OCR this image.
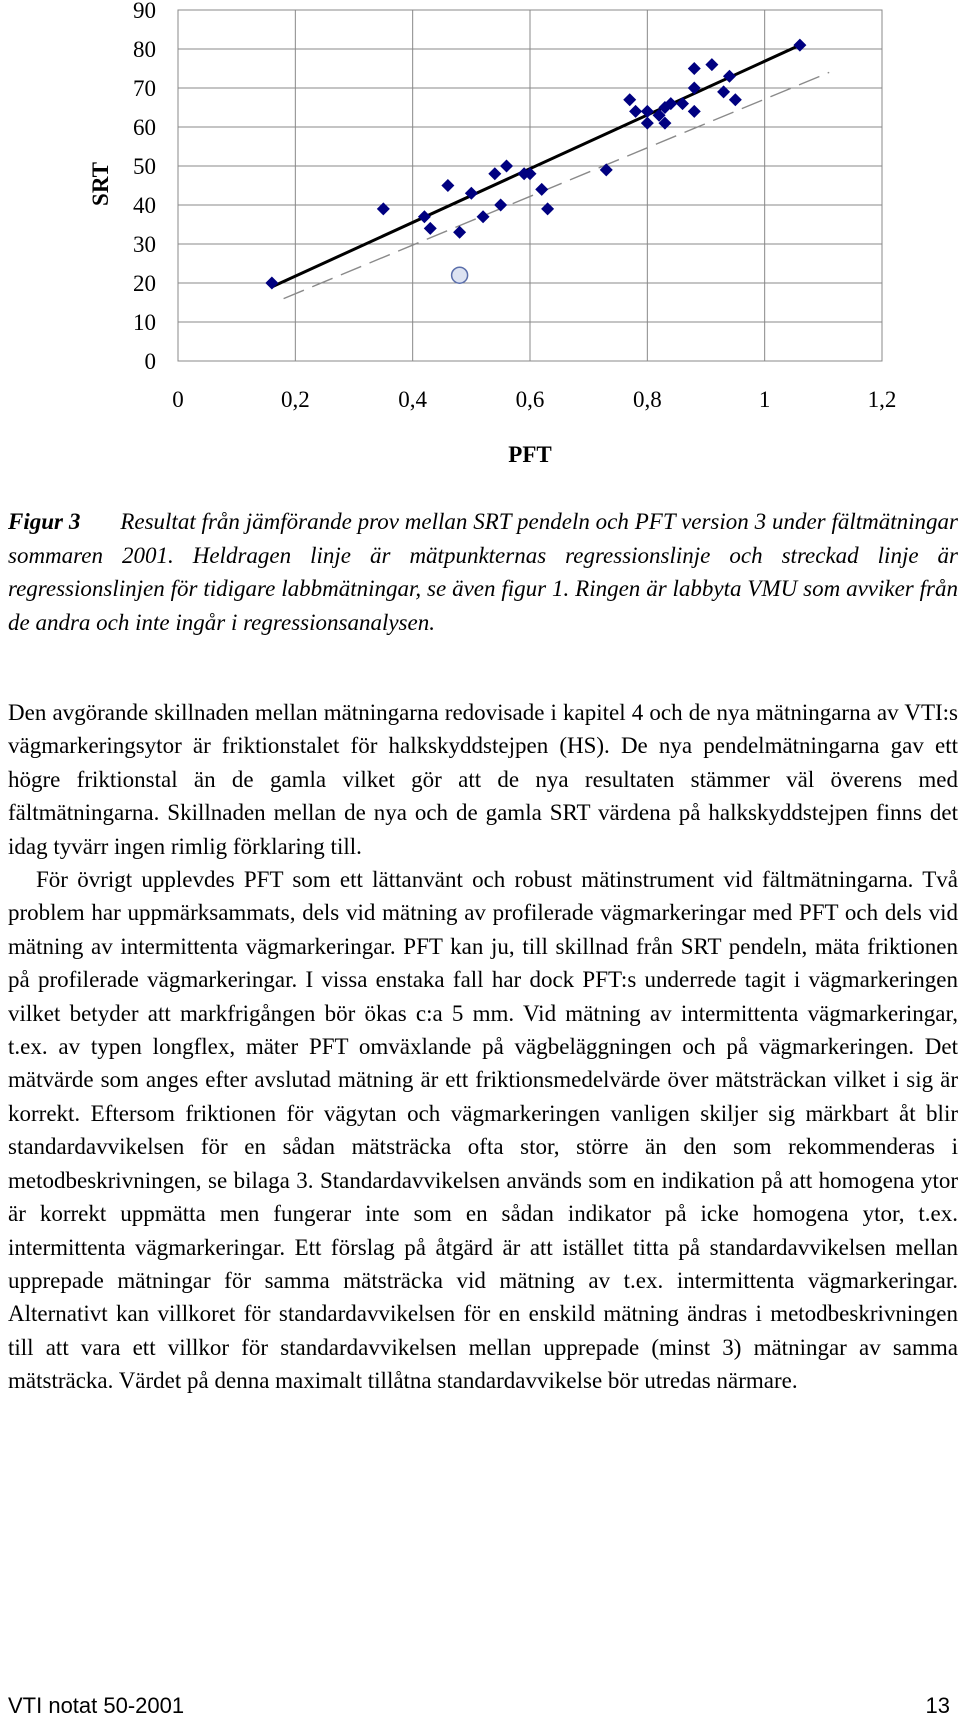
0
10
20
30
40
50
60
70
80
90
0	0,2	0,4	0,6	0,8	1	1,2
SRT
PFT

Figur 3 Resultat från jämförande prov mellan SRT pendeln och PFT version 3 under fältmätningar sommaren 2001. Heldragen linje är mätpunkternas regressionslinje och streckad linje är regressionslinjen för tidigare labbmätningar, se även figur 1. Ringen är labbyta VMU som avviker från de andra och inte ingår i regressionsanalysen.

Den avgörande skillnaden mellan mätningarna redovisade i kapitel 4 och de nya mätningarna av VTI:s vägmarkeringsytor är friktionstalet för halkskyddstejpen (HS). De nya pendelmätningarna gav ett högre friktionstal än de gamla vilket gör att de nya resultaten stämmer väl överens med fältmätningarna. Skillnaden mellan de nya och de gamla SRT värdena på halkskyddstejpen finns det idag tyvärr ingen rimlig förklaring till.

För övrigt upplevdes PFT som ett lättanvänt och robust mätinstrument vid fältmätningarna. Två problem har uppmärksammats, dels vid mätning av profilerade vägmarkeringar med PFT och dels vid mätning av intermittenta vägmarkeringar. PFT kan ju, till skillnad från SRT pendeln, mäta friktionen på profilerade vägmarkeringar. I vissa enstaka fall har dock PFT:s underrede tagit i vägmarkeringen vilket betyder att markfrigången bör ökas c:a 5 mm. Vid mätning av intermittenta vägmarkeringar, t.ex. av typen longflex, mäter PFT omväxlande på vägbeläggningen och på vägmarkeringen. Det mätvärde som anges efter avslutad mätning är ett friktionsmedelvärde över mätsträckan vilket i sig är korrekt. Eftersom friktionen för vägytan och vägmarkeringen vanligen skiljer sig märkbart åt blir standardavvikelsen för en sådan mätsträcka ofta stor, större än den som rekommenderas i metodbeskrivningen, se bilaga 3. Standardavvikelsen används som en indikation på att homogena ytor är korrekt uppmätta men fungerar inte som en sådan indikator på icke homogena ytor, t.ex. intermittenta vägmarkeringar. Ett förslag på åtgärd är att istället titta på standardavvikelsen mellan upprepade mätningar för samma mätsträcka vid mätning av t.ex. intermittenta vägmarkeringar. Alternativt kan villkoret för standardavvikelsen för en enskild mätning ändras i metodbeskrivningen till att vara ett villkor för standardavvikelsen mellan upprepade (minst 3) mätningar av samma mätsträcka. Värdet på denna maximalt tillåtna standardavvikelse bör utredas närmare.

VTI notat 50-2001	13
